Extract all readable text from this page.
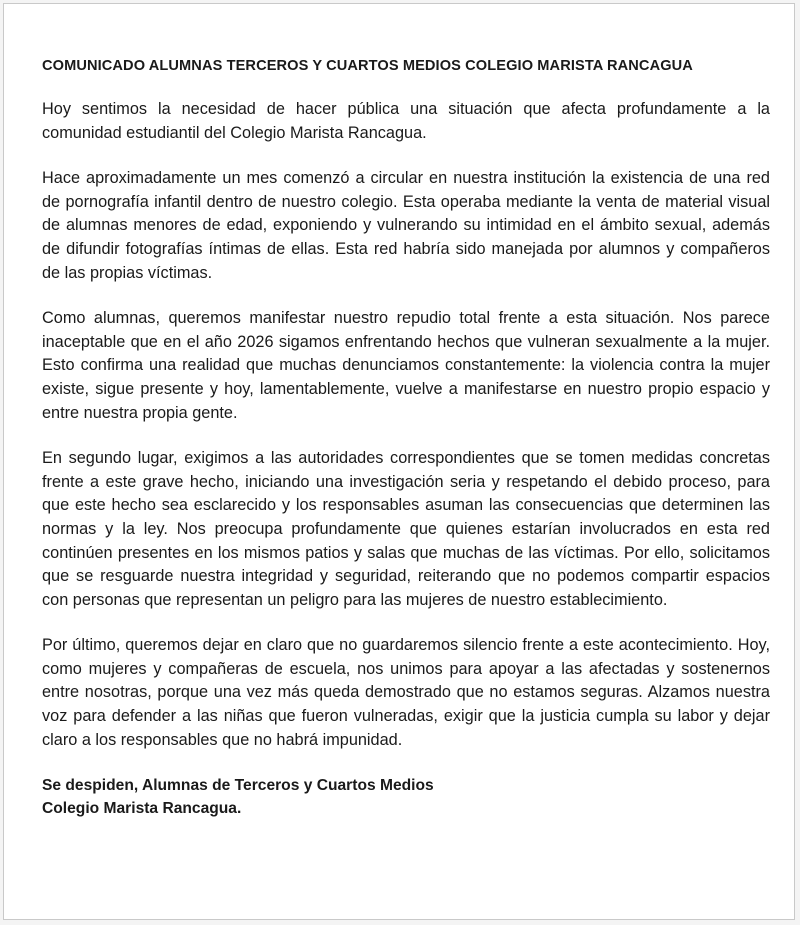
COMUNICADO ALUMNAS TERCEROS Y CUARTOS MEDIOS COLEGIO MARISTA RANCAGUA

Hoy sentimos la necesidad de hacer pública una situación que afecta profundamente a la comunidad estudiantil del Colegio Marista Rancagua.

Hace aproximadamente un mes comenzó a circular en nuestra institución la existencia de una red de pornografía infantil dentro de nuestro colegio. Esta operaba mediante la venta de material visual de alumnas menores de edad, exponiendo y vulnerando su intimidad en el ámbito sexual, además de difundir fotografías íntimas de ellas. Esta red habría sido manejada por alumnos y compañeros de las propias víctimas.

Como alumnas, queremos manifestar nuestro repudio total frente a esta situación. Nos parece inaceptable que en el año 2026 sigamos enfrentando hechos que vulneran sexualmente a la mujer. Esto confirma una realidad que muchas denunciamos constantemente: la violencia contra la mujer existe, sigue presente y hoy, lamentablemente, vuelve a manifestarse en nuestro propio espacio y entre nuestra propia gente.

En segundo lugar, exigimos a las autoridades correspondientes que se tomen medidas concretas frente a este grave hecho, iniciando una investigación seria y respetando el debido proceso, para que este hecho sea esclarecido y los responsables asuman las consecuencias que determinen las normas y la ley. Nos preocupa profundamente que quienes estarían involucrados en esta red continúen presentes en los mismos patios y salas que muchas de las víctimas. Por ello, solicitamos que se resguarde nuestra integridad y seguridad, reiterando que no podemos compartir espacios con personas que representan un peligro para las mujeres de nuestro establecimiento.

Por último, queremos dejar en claro que no guardaremos silencio frente a este acontecimiento. Hoy, como mujeres y compañeras de escuela, nos unimos para apoyar a las afectadas y sostenernos entre nosotras, porque una vez más queda demostrado que no estamos seguras. Alzamos nuestra voz para defender a las niñas que fueron vulneradas, exigir que la justicia cumpla su labor y dejar claro a los responsables que no habrá impunidad.

Se despiden, Alumnas de Terceros y Cuartos Medios
Colegio Marista Rancagua.
